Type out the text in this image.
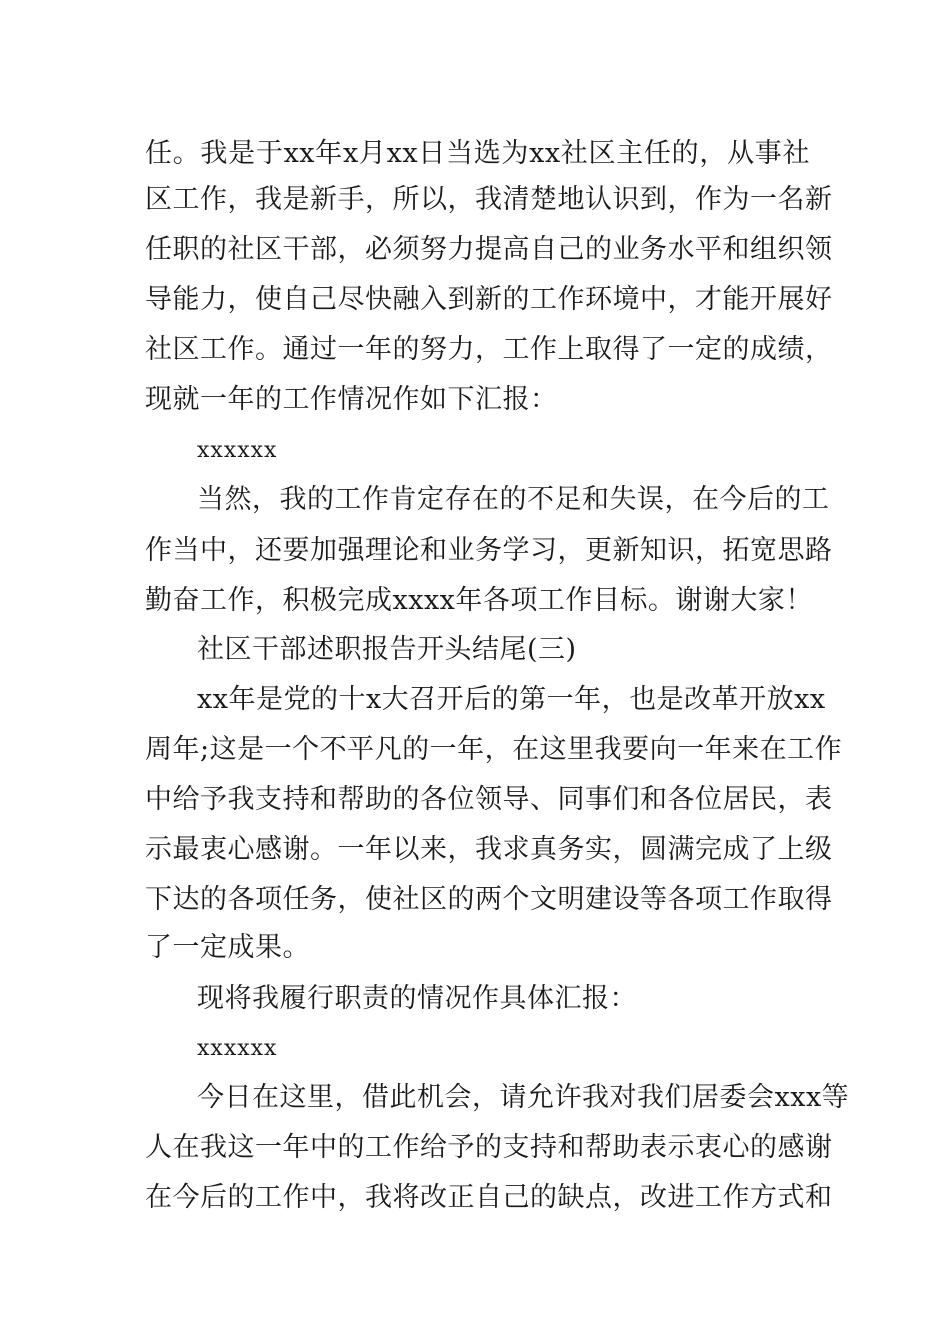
任。我是于xx年x月xx日当选为xx社区主任的，从事社
区工作，我是新手，所以，我清楚地认识到，作为一名新
任职的社区干部，必须努力提高自己的业务水平和组织领
导能力，使自己尽快融入到新的工作环境中，才能开展好
社区工作。通过一年的努力，工作上取得了一定的成绩，
现就一年的工作情况作如下汇报：
xxxxxx
当然，我的工作肯定存在的不足和失误，在今后的工
作当中，还要加强理论和业务学习，更新知识，拓宽思路
勤奋工作，积极完成xxxx年各项工作目标。谢谢大家！
社区干部述职报告开头结尾(三)
xx年是党的十x大召开后的第一年，也是改革开放xx
周年;这是一个不平凡的一年，在这里我要向一年来在工作
中给予我支持和帮助的各位领导、同事们和各位居民，表
示最衷心感谢。一年以来，我求真务实，圆满完成了上级
下达的各项任务，使社区的两个文明建设等各项工作取得
了一定成果。
现将我履行职责的情况作具体汇报：
xxxxxx
今日在这里，借此机会，请允许我对我们居委会xxx等
人在我这一年中的工作给予的支持和帮助表示衷心的感谢
在今后的工作中，我将改正自己的缺点，改进工作方式和
